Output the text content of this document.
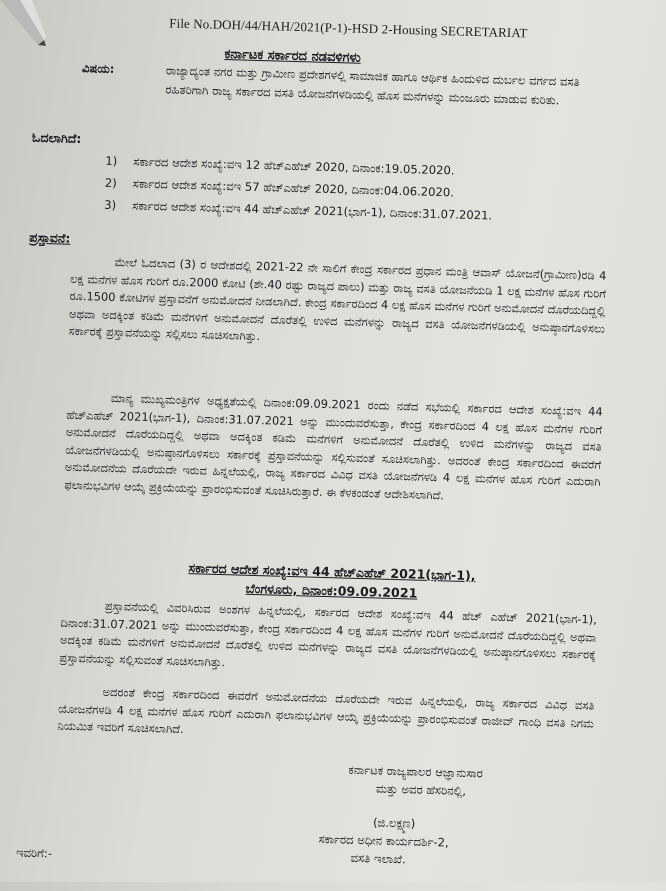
File No.DOH/44/HAH/2021(P-1)-HSD 2-Housing SECRETARIAT
ಕರ್ನಾಟಕ ಸರ್ಕಾರದ ನಡವಳಿಗಳು
ವಿಷಯ:	ರಾಜ್ಯಾದ್ಯಂತ ನಗರ ಮತ್ತು ಗ್ರಾಮೀಣ ಪ್ರದೇಶಗಳಲ್ಲಿ ಸಾಮಾಜಿಕ ಹಾಗೂ ಆರ್ಥಿಕ ಹಿಂದುಳಿದ ದುರ್ಬಲ ವರ್ಗದ ವಸತಿ ರಹಿತರಿಗಾಗಿ ರಾಜ್ಯ ಸರ್ಕಾರದ ವಸತಿ ಯೋಜನೆಗಳಡಿಯಲ್ಲಿ ಹೊಸ ಮನೆಗಳನ್ನು ಮಂಜೂರು ಮಾಡುವ ಕುರಿತು.
ಓದಲಾಗಿದೆ:
1) ಸರ್ಕಾರದ ಆದೇಶ ಸಂಖ್ಯೆ:ವಇ 12 ಹೆಚ್‌ಎಹೆಚ್ 2020, ದಿನಾಂಕ:19.05.2020.
2) ಸರ್ಕಾರದ ಆದೇಶ ಸಂಖ್ಯೆ:ವಇ 57 ಹೆಚ್‌ಎಹೆಚ್ 2020, ದಿನಾಂಕ:04.06.2020.
3) ಸರ್ಕಾರದ ಆದೇಶ ಸಂಖ್ಯೆ:ವಇ 44 ಹೆಚ್‌ಎಹೆಚ್ 2021(ಭಾಗ-1), ದಿನಾಂಕ:31.07.2021.
ಪ್ರಸ್ತಾವನೆ:
ಮೇಲೆ ಓದಲಾದ (3) ರ ಆದೇಶದಲ್ಲಿ 2021-22 ನೇ ಸಾಲಿಗೆ ಕೇಂದ್ರ ಸರ್ಕಾರದ ಪ್ರಧಾನ ಮಂತ್ರಿ ಆವಾಸ್ ಯೋಜನೆ(ಗ್ರಾಮೀಣ)ರಡಿ 4 ಲಕ್ಷ ಮನೆಗಳ ಹೊಸ ಗುರಿಗೆ ರೂ.2000 ಕೋಟಿ (ಶೇ.40 ರಷ್ಟು ರಾಜ್ಯದ ಪಾಲು) ಮತ್ತು ರಾಜ್ಯ ವಸತಿ ಯೋಜನೆಯಡಿ 1 ಲಕ್ಷ ಮನೆಗಳ ಹೊಸ ಗುರಿಗೆ ರೂ.1500 ಕೋಟಿಗಳ ಪ್ರಸ್ತಾವನೆಗೆ ಅನುಮೋದನೆ ನೀಡಲಾಗಿದೆ. ಕೇಂದ್ರ ಸರ್ಕಾರದಿಂದ 4 ಲಕ್ಷ ಹೊಸ ಮನೆಗಳ ಗುರಿಗೆ ಅನುಮೋದನೆ ದೊರೆಯದಿದ್ದಲ್ಲಿ ಅಥವಾ ಅದಕ್ಕಿಂತ ಕಡಿಮೆ ಮನೆಗಳಿಗೆ ಅನುಮೋದನೆ ದೊರೆತಲ್ಲಿ ಉಳಿದ ಮನೆಗಳನ್ನು ರಾಜ್ಯದ ವಸತಿ ಯೋಜನೆಗಳಡಿಯಲ್ಲಿ ಅನುಷ್ಠಾನಗೊಳಿಸಲು ಸರ್ಕಾರಕ್ಕೆ ಪ್ರಸ್ತಾವನೆಯನ್ನು ಸಲ್ಲಿಸಲು ಸೂಚಿಸಲಾಗಿತ್ತು.
ಮಾನ್ಯ ಮುಖ್ಯಮಂತ್ರಿಗಳ ಅಧ್ಯಕ್ಷತೆಯಲ್ಲಿ ದಿನಾಂಕ:09.09.2021 ರಂದು ನಡೆದ ಸಭೆಯಲ್ಲಿ ಸರ್ಕಾರದ ಆದೇಶ ಸಂಖ್ಯೆ:ವಇ 44 ಹೆಚ್‌ಎಹೆಚ್ 2021(ಭಾಗ-1), ದಿನಾಂಕ:31.07.2021 ಅನ್ನು ಮುಂದುವರೆಸುತ್ತಾ, ಕೇಂದ್ರ ಸರ್ಕಾರದಿಂದ 4 ಲಕ್ಷ ಹೊಸ ಮನೆಗಳ ಗುರಿಗೆ ಅನುಮೋದನೆ ದೊರೆಯದಿದ್ದಲ್ಲಿ ಅಥವಾ ಅದಕ್ಕಿಂತ ಕಡಿಮೆ ಮನೆಗಳಿಗೆ ಅನುಮೋದನೆ ದೊರೆತಲ್ಲಿ ಉಳಿದ ಮನೆಗಳನ್ನು ರಾಜ್ಯದ ವಸತಿ ಯೋಜನೆಗಳಡಿಯಲ್ಲಿ ಅನುಷ್ಠಾನಗೊಳಿಸಲು ಸರ್ಕಾರಕ್ಕೆ ಪ್ರಸ್ತಾವನೆಯನ್ನು ಸಲ್ಲಿಸುವಂತೆ ಸೂಚಿಸಲಾಗಿತ್ತು. ಅದರಂತೆ ಕೇಂದ್ರ ಸರ್ಕಾರದಿಂದ ಈವರೆಗೆ ಅನುಮೋದನೆಯ ದೊರೆಯದೇ ಇರುವ ಹಿನ್ನಲೆಯಲ್ಲಿ, ರಾಜ್ಯ ಸರ್ಕಾರದ ವಿವಿಧ ವಸತಿ ಯೋಜನೆಗಳಡಿ 4 ಲಕ್ಷ ಮನೆಗಳ ಹೊಸ ಗುರಿಗೆ ಎದುರಾಗಿ ಫಲಾನುಭವಿಗಳ ಆಯ್ಕೆ ಪ್ರಕ್ರಿಯೆಯನ್ನು ಪ್ರಾರಂಭಿಸುವಂತೆ ಸೂಚಿಸಿರುತ್ತಾರೆ. ಈ ಕೆಳಕಂಡಂತೆ ಆದೇಶಿಸಲಾಗಿದೆ.
ಸರ್ಕಾರದ ಆದೇಶ ಸಂಖ್ಯೆ:ವಇ 44 ಹೆಚ್‌ಎಹೆಚ್ 2021(ಭಾಗ-1),
ಬೆಂಗಳೂರು, ದಿನಾಂಕ:09.09.2021
ಪ್ರಸ್ತಾವನೆಯಲ್ಲಿ ವಿವರಿಸಿರುವ ಅಂಶಗಳ ಹಿನ್ನಲೆಯಲ್ಲಿ, ಸರ್ಕಾರದ ಆದೇಶ ಸಂಖ್ಯೆ:ವಇ 44 ಹೆಚ್ ಎಹೆಚ್ 2021(ಭಾಗ-1), ದಿನಾಂಕ:31.07.2021 ಅನ್ನು ಮುಂದುವರೆಸುತ್ತಾ, ಕೇಂದ್ರ ಸರ್ಕಾರದಿಂದ 4 ಲಕ್ಷ ಹೊಸ ಮನೆಗಳ ಗುರಿಗೆ ಅನುಮೋದನೆ ದೊರೆಯದಿದ್ದಲ್ಲಿ ಅಥವಾ ಅದಕ್ಕಿಂತ ಕಡಿಮೆ ಮನೆಗಳಿಗೆ ಅನುಮೋದನೆ ದೊರೆತಲ್ಲಿ ಉಳಿದ ಮನೆಗಳನ್ನು ರಾಜ್ಯದ ವಸತಿ ಯೋಜನೆಗಳಡಿಯಲ್ಲಿ ಅನುಷ್ಠಾನಗೊಳಿಸಲು ಸರ್ಕಾರಕ್ಕೆ ಪ್ರಸ್ತಾವನೆಯನ್ನು ಸಲ್ಲಿಸುವಂತೆ ಸೂಚಿಸಲಾಗಿತ್ತು.
ಅದರಂತೆ ಕೇಂದ್ರ ಸರ್ಕಾರದಿಂದ ಈವರೆಗೆ ಅನುಮೋದನೆಯ ದೊರೆಯದೇ ಇರುವ ಹಿನ್ನಲೆಯಲ್ಲಿ, ರಾಜ್ಯ ಸರ್ಕಾರದ ವಿವಿಧ ವಸತಿ ಯೋಜನೆಗಳಡಿ 4 ಲಕ್ಷ ಮನೆಗಳ ಹೊಸ ಗುರಿಗೆ ಎದುರಾಗಿ ಫಲಾನುಭವಿಗಳ ಆಯ್ಕೆ ಪ್ರಕ್ರಿಯೆಯನ್ನು ಪ್ರಾರಂಭಿಸುವಂತೆ ರಾಜೀವ್ ಗಾಂಧಿ ವಸತಿ ನಿಗಮ ನಿಯಮಿತ ಇವರಿಗೆ ಸೂಚಿಸಲಾಗಿದೆ.
ಕರ್ನಾಟಕ ರಾಜ್ಯಪಾಲರ ಆಜ್ಞಾನುಸಾರ
ಮತ್ತು ಅವರ ಹೆಸರಿನಲ್ಲಿ,
(ಜಿ.ಲಕ್ಷ್ಮಣ)
ಸರ್ಕಾರದ ಅಧೀನ ಕಾರ್ಯದರ್ಶಿ-2,
ವಸತಿ ಇಲಾಖೆ.
ಇವರಿಗೆ:-
